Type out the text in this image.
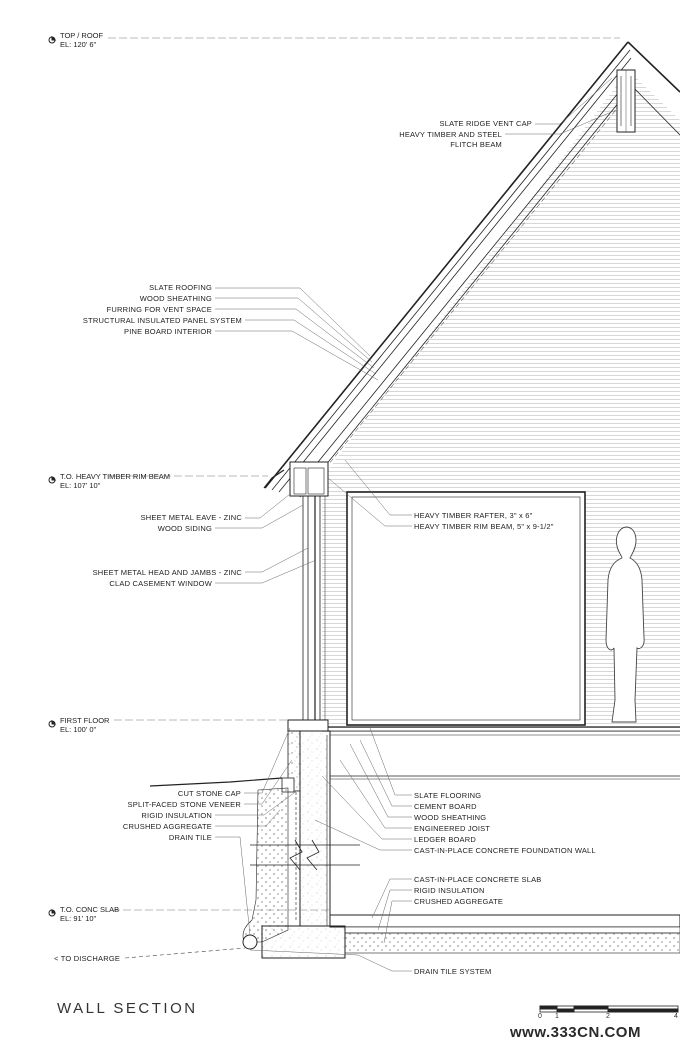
TOP / ROOF
EL: 120' 6"
T.O. HEAVY TIMBER RIM BEAM
EL: 107' 10"
FIRST FLOOR
EL: 100' 0"
T.O. CONC SLAB
EL: 91' 10"
SLATE ROOFING
WOOD SHEATHING
FURRING FOR VENT SPACE
STRUCTURAL INSULATED PANEL SYSTEM
PINE BOARD INTERIOR
SHEET METAL EAVE - ZINC
WOOD SIDING
SHEET METAL HEAD AND JAMBS - ZINC
CLAD CASEMENT WINDOW
CUT STONE CAP
SPLIT-FACED STONE VENEER
RIGID INSULATION
CRUSHED AGGREGATE
DRAIN TILE
< TO DISCHARGE
SLATE RIDGE VENT CAP
HEAVY TIMBER AND STEEL
FLITCH BEAM
HEAVY TIMBER RAFTER, 3" x 6"
HEAVY TIMBER RIM BEAM, 5" x 9-1/2"
SLATE FLOORING
CEMENT BOARD
WOOD SHEATHING
ENGINEERED JOIST
LEDGER BOARD
CAST-IN-PLACE CONCRETE FOUNDATION WALL
CAST-IN-PLACE CONCRETE SLAB
RIGID INSULATION
CRUSHED AGGREGATE
DRAIN TILE SYSTEM
WALL SECTION	0 1	2	4
www.333CN.COM
